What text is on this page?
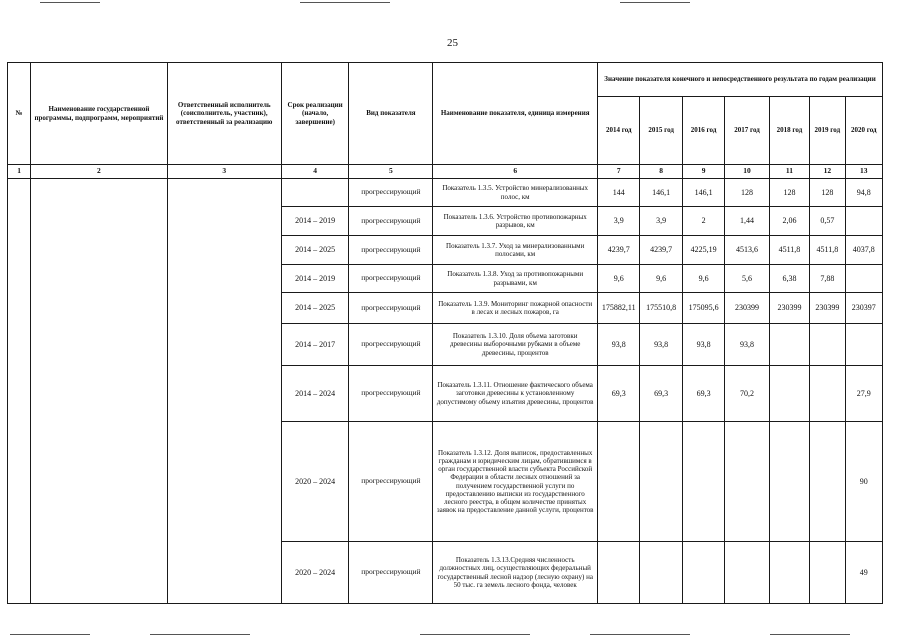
25
№	Наименование государственной программы, подпрограмм, мероприятий	Ответственный исполнитель (соисполнитель, участник), ответственный за реализацию	Срок реализации (начало, завершение)	Вид показателя	Наименование показателя, единица измерения	Значение показателя конечного и непосредственного результата по годам реализации						
						2014 год	2015 год	2016 год	2017 год	2018 год	2019 год	2020 год
1	2	3	4	5	6	7	8	9	10	11	12	13
				прогрессирующий	Показатель 1.3.5. Устройство минерализованных полос, км	144	146,1	146,1	128	128	128	94,8
			2014 – 2019	прогрессирующий	Показатель 1.3.6. Устройство противопожарных разрывов, км	3,9	3,9	2	1,44	2,06	0,57	
			2014 – 2025	прогрессирующий	Показатель 1.3.7. Уход за минерализованными полосами, км	4239,7	4239,7	4225,19	4513,6	4511,8	4511,8	4037,8
			2014 – 2019	прогрессирующий	Показатель 1.3.8. Уход за противопожарными разрывами, км	9,6	9,6	9,6	5,6	6,38	7,88	
			2014 – 2025	прогрессирующий	Показатель 1.3.9. Мониторинг пожарной опасности в лесах и лесных пожаров, га	175882,11	175510,8	175095,6	230399	230399	230399	230397
			2014 – 2017	прогрессирующий	Показатель 1.3.10. Доля объема заготовки древесины выборочными рубками в объеме древесины, процентов	93,8	93,8	93,8	93,8			
			2014 – 2024	прогрессирующий	Показатель 1.3.11. Отношение фактического объема заготовки древесины к установленному допустимому объему изъятия древесины, процентов	69,3	69,3	69,3	70,2			27,9
			2020 – 2024	прогрессирующий	Показатель 1.3.12. Доля выписок, предоставленных гражданам и юридическим лицам, обратившимся в орган государственной власти субъекта Российской Федерации в области лесных отношений за получением государственной услуги по предоставлению выписки из государственного лесного реестра, в общем количестве принятых заявок на предоставление данной услуги, процентов							90
			2020 – 2024	прогрессирующий	Показатель 1.3.13.Средняя численность должностных лиц, осуществляющих федеральный государственный лесной надзор (лесную охрану) на 50 тыс. га земель лесного фонда, человек							49
